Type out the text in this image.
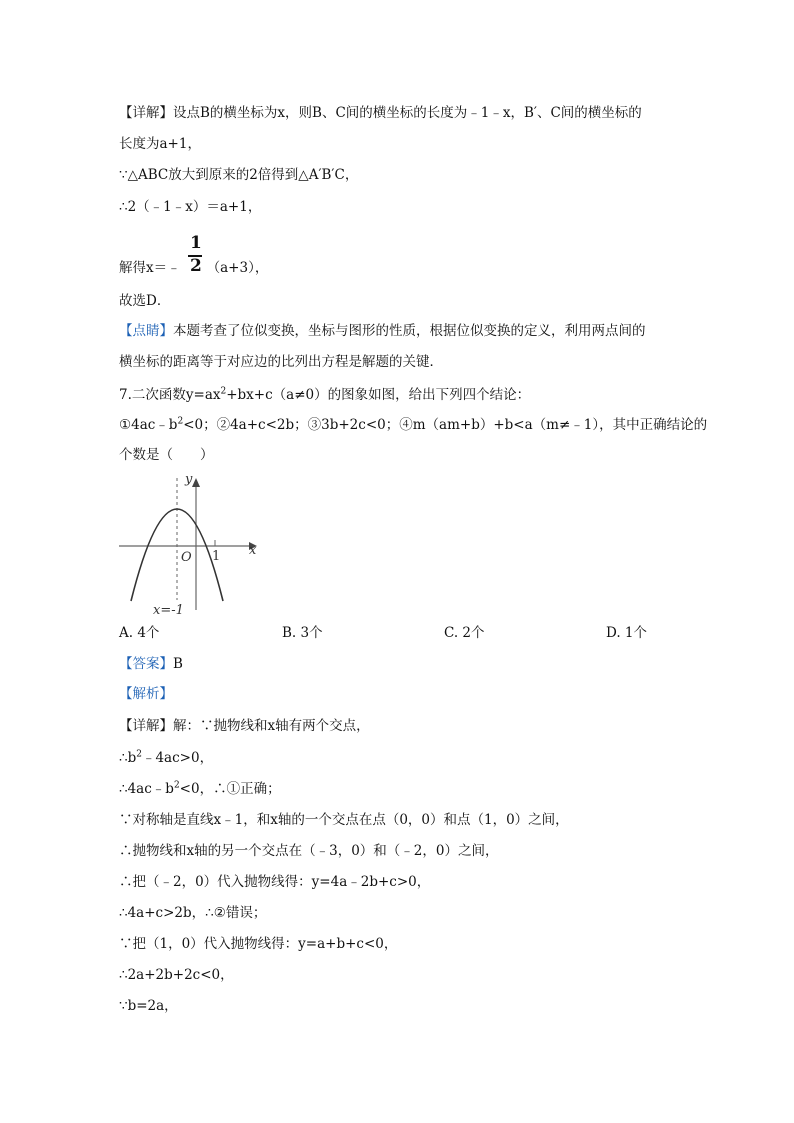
【详解】设点B的横坐标为x，则B、C间的横坐标的长度为﹣1﹣x，B′、C间的横坐标的
长度为a+1，
∵△ABC放大到原来的2倍得到△A′B′C，
∴2（﹣1﹣x）＝a+1，
解得x＝﹣ （a+3），
1
2
故选D．
【点睛】本题考查了位似变换，坐标与图形的性质，根据位似变换的定义，利用两点间的
横坐标的距离等于对应边的比列出方程是解题的关键．
7.二次函数$y=ax^2+bx+c(a\ne 0)$的图象如图，给出下列四个结论：
$①4ac﹣b^2<0$；②4a+c<2b；③3b+2c<0；④m（am+b）+b<a（m≠﹣1），其中正确结论的
个数是（　　）
y
x
O 1
x=-1
A. 4个	B. 3个	C. 2个	D. 1个
【答案】B
【解析】
【详解】解：∵抛物线和x轴有两个交点，
$\therefore b^2﹣4ac>0$，
$\therefore 4ac﹣b^2<0$，∴①正确；
∵对称轴是直线x﹣1，和x轴的一个交点在点（0，0）和点（1，0）之间，
∴抛物线和x轴的另一个交点在（﹣3，0）和（﹣2，0）之间，
∴把（﹣2，0）代入抛物线得：y=4a﹣2b+c>0，
∴4a+c>2b，∴②错误；
∵把（1，0）代入抛物线得：y=a+b+c<0，
∴2a+2b+2c<0，
∵b=2a，
